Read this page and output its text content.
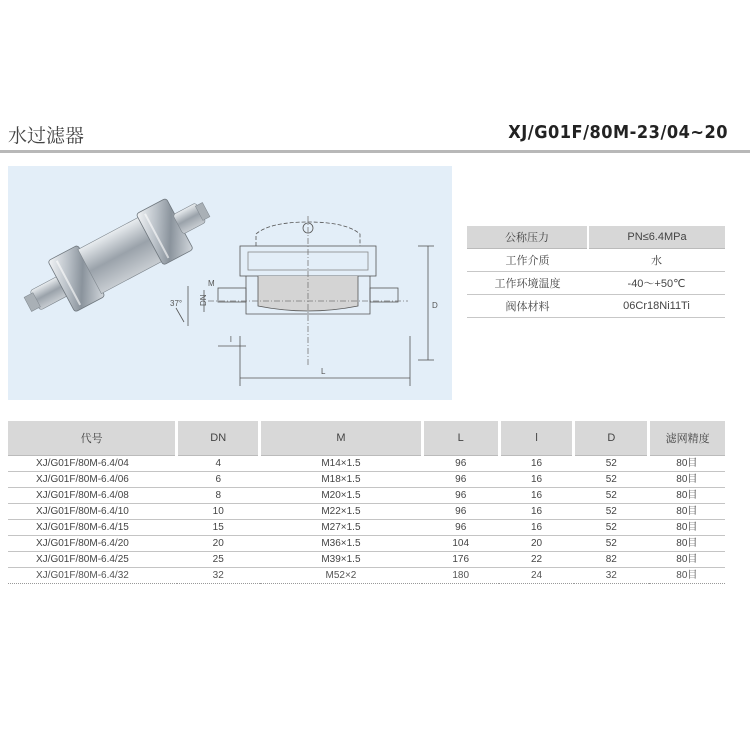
水过滤器	XJ/G01F/80M-23/04~20
37° DN
M
D
L
l
公称压力	PN≤6.4MPa
工作介质	水
工作环境温度	-40～+50℃
阀体材料	06Cr18Ni11Ti
代号	DN	M	L	l	D	滤网精度
XJ/G01F/80M-6.4/04	4	M14×1.5	96	16	52	80目
XJ/G01F/80M-6.4/06	6	M18×1.5	96	16	52	80目
XJ/G01F/80M-6.4/08	8	M20×1.5	96	16	52	80目
XJ/G01F/80M-6.4/10	10	M22×1.5	96	16	52	80目
XJ/G01F/80M-6.4/15	15	M27×1.5	96	16	52	80目
XJ/G01F/80M-6.4/20	20	M36×1.5	104	20	52	80目
XJ/G01F/80M-6.4/25	25	M39×1.5	176	22	82	80目
XJ/G01F/80M-6.4/32	32	M52×2	180	24	32	80目
